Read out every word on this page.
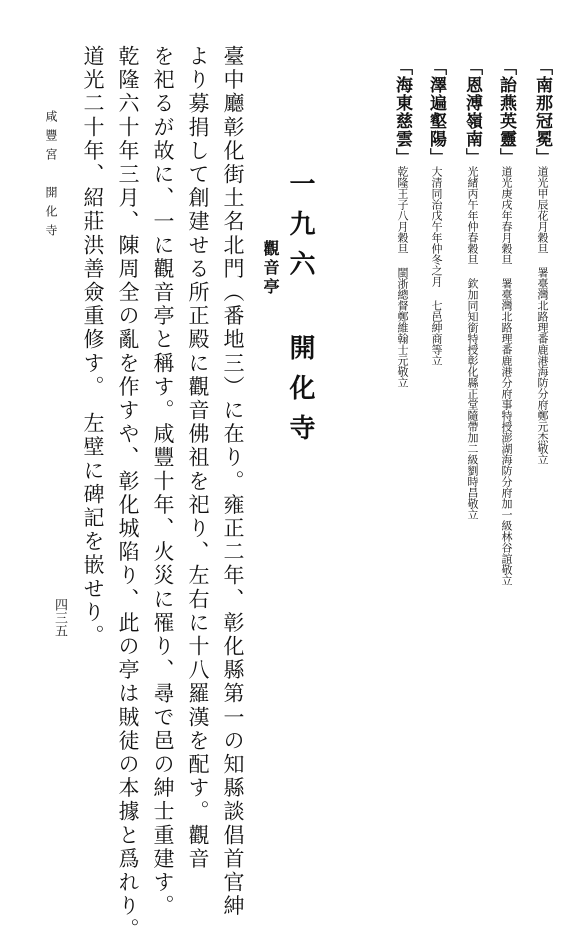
「南那冠冕」道光甲辰花月穀旦 署臺灣北路理番鹿港海防分府鄭元杰敬立
「詒燕英靈」道光庚戌年春月穀旦 署臺灣北路理番鹿港分府事特授澎湖海防分府加一級林谷誼敬立
「恩溥嶺南」光緒丙午年仲春穀旦 欽加同知銜特授彰化縣正堂隨帶加二級劉時昌敬立
「澤遍壑陽」大清同治戊午年仲冬之月 七邑紳商等立
「海東慈雲」乾隆王子八月穀旦 閩浙總督鄭維翰士元敬立
一九六 開化寺
觀音亭
臺中廳彰化街土名北門（番地三）に在り。雍正二年、彰化縣第一の知縣談倡首官紳
より募捐して創建せる所正殿に觀音佛祖を祀り、左右に十八羅漢を配す。觀音
を祀るが故に、一に觀音亭と稱す。咸豐十年、火災に罹り、尋で邑の紳士重建す。
乾隆六十年三月、陳周全の亂を作すや、彰化城陷り、此の亭は賊徒の本據と爲れり。
道光二十年、紹莊洪善僉重修す。　左壁に碑記を嵌せり。
咸豐宮　開化寺
四三五
